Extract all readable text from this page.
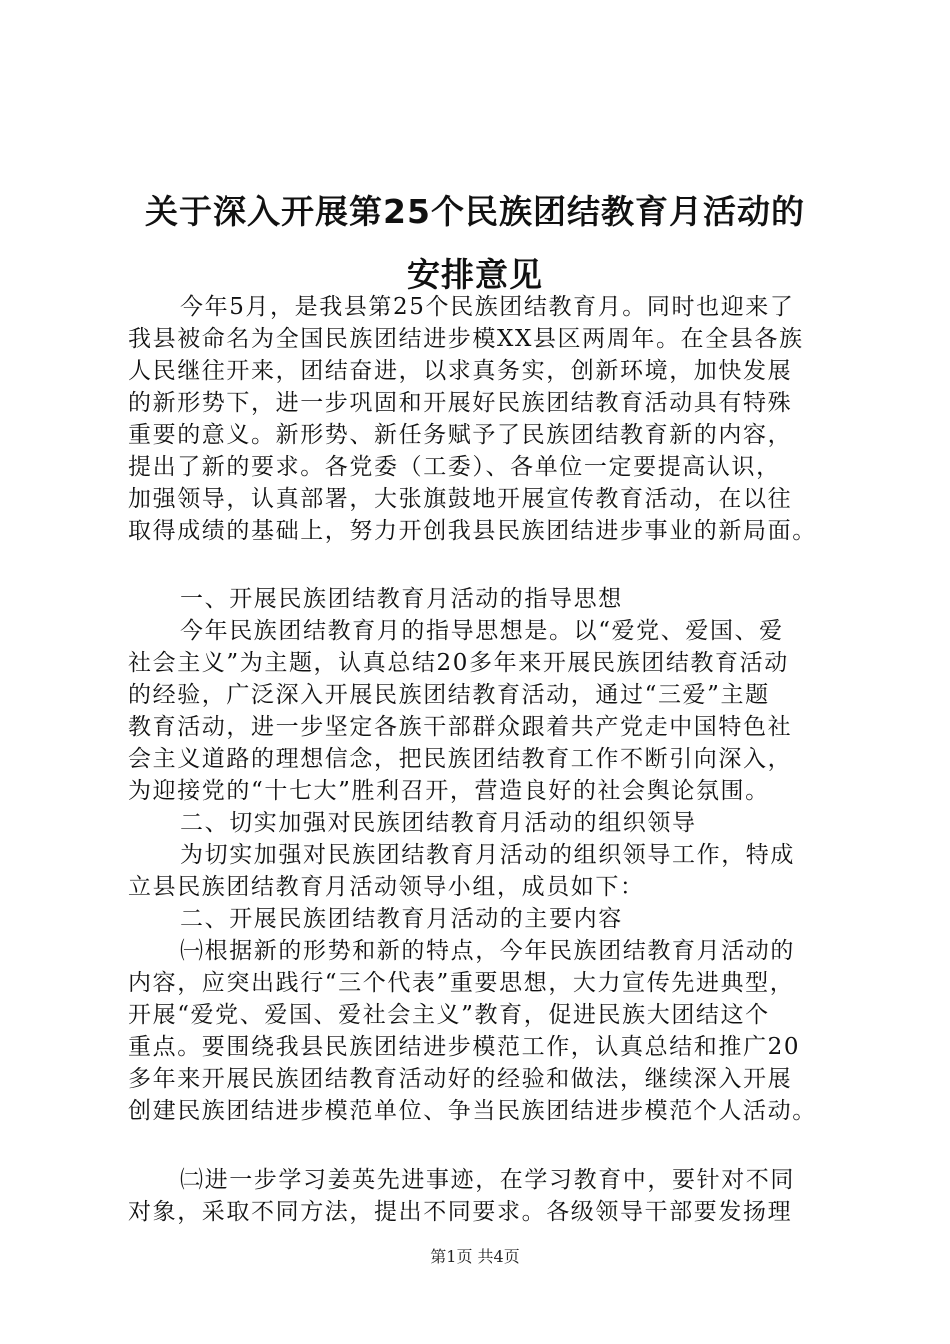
关于深入开展第25个民族团结教育月活动的
安排意见
今年5月，是我县第25个民族团结教育月。同时也迎来了
我县被命名为全国民族团结进步模XX县区两周年。在全县各族
人民继往开来，团结奋进，以求真务实，创新环境，加快发展
的新形势下，进一步巩固和开展好民族团结教育活动具有特殊
重要的意义。新形势、新任务赋予了民族团结教育新的内容，
提出了新的要求。各党委（工委）、各单位一定要提高认识，
加强领导，认真部署，大张旗鼓地开展宣传教育活动，在以往
取得成绩的基础上，努力开创我县民族团结进步事业的新局面。
一、开展民族团结教育月活动的指导思想
今年民族团结教育月的指导思想是。以“爱党、爱国、爱
社会主义”为主题，认真总结20多年来开展民族团结教育活动
的经验，广泛深入开展民族团结教育活动，通过“三爱”主题
教育活动，进一步坚定各族干部群众跟着共产党走中国特色社
会主义道路的理想信念，把民族团结教育工作不断引向深入，
为迎接党的“十七大”胜利召开，营造良好的社会舆论氛围。
二、切实加强对民族团结教育月活动的组织领导
为切实加强对民族团结教育月活动的组织领导工作，特成
立县民族团结教育月活动领导小组，成员如下：
二、开展民族团结教育月活动的主要内容
㈠根据新的形势和新的特点，今年民族团结教育月活动的
内容，应突出践行“三个代表”重要思想，大力宣传先进典型，
开展“爱党、爱国、爱社会主义”教育，促进民族大团结这个
重点。要围绕我县民族团结进步模范工作，认真总结和推广20
多年来开展民族团结教育活动好的经验和做法，继续深入开展
创建民族团结进步模范单位、争当民族团结进步模范个人活动。
㈡进一步学习姜英先进事迹，在学习教育中，要针对不同
对象，采取不同方法，提出不同要求。各级领导干部要发扬理
第1页 共4页
